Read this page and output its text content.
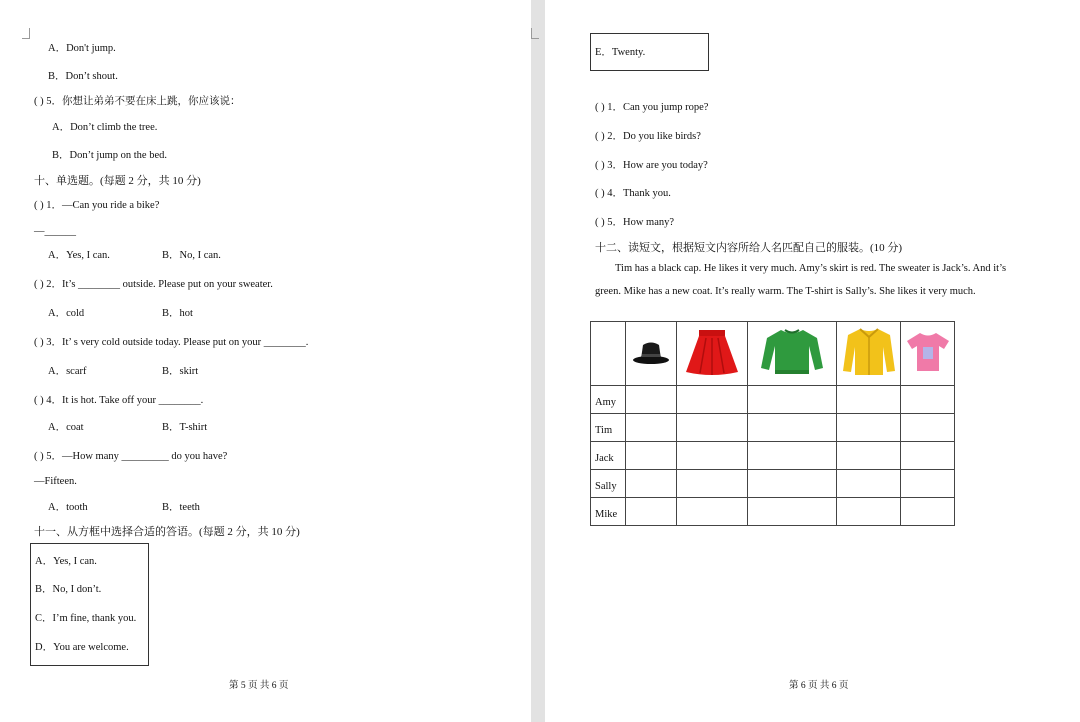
A．Don't jump.
B．Don’t shout.
( ) 5．你想让弟弟不要在床上跳，你应该说：
A．Don’t climb the tree.
B．Don’t jump on the bed.
十、单选题。(每题 2 分，共 10 分)
( ) 1．—Can you ride a bike?
—______
A．Yes, I can.	B．No, I can.
( ) 2．It’s ________ outside. Please put on your sweater.
A．cold	B．hot
( ) 3．It’ s very cold outside today. Please put on your ________.
A．scarf	B．skirt
( ) 4．It is hot. Take off your ________.
A．coat	B．T-shirt
( ) 5．—How many _________ do you have?
—Fifteen.
A．tooth	B．teeth
十一、从方框中选择合适的答语。(每题 2 分，共 10 分)
A．Yes, I can.
B．No, I don’t.
C．I’m fine, thank you.
D．You are welcome.
第 5 页 共 6 页
E．Twenty.
( ) 1．Can you jump rope?
( ) 2．Do you like birds?
( ) 3．How are you today?
( ) 4．Thank you.
( ) 5．How many?
十二、读短文，根据短文内容所给人名匹配自己的服装。(10 分)
Tim has a black cap. He likes it very much. Amy’s skirt is red. The sweater is Jack’s. And it’s
green. Mike has a new coat. It’s really warm. The T-shirt is Sally’s. She likes it very much.

Amy					
Tim					
Jack					
Sally					
Mike					
第 6 页 共 6 页
